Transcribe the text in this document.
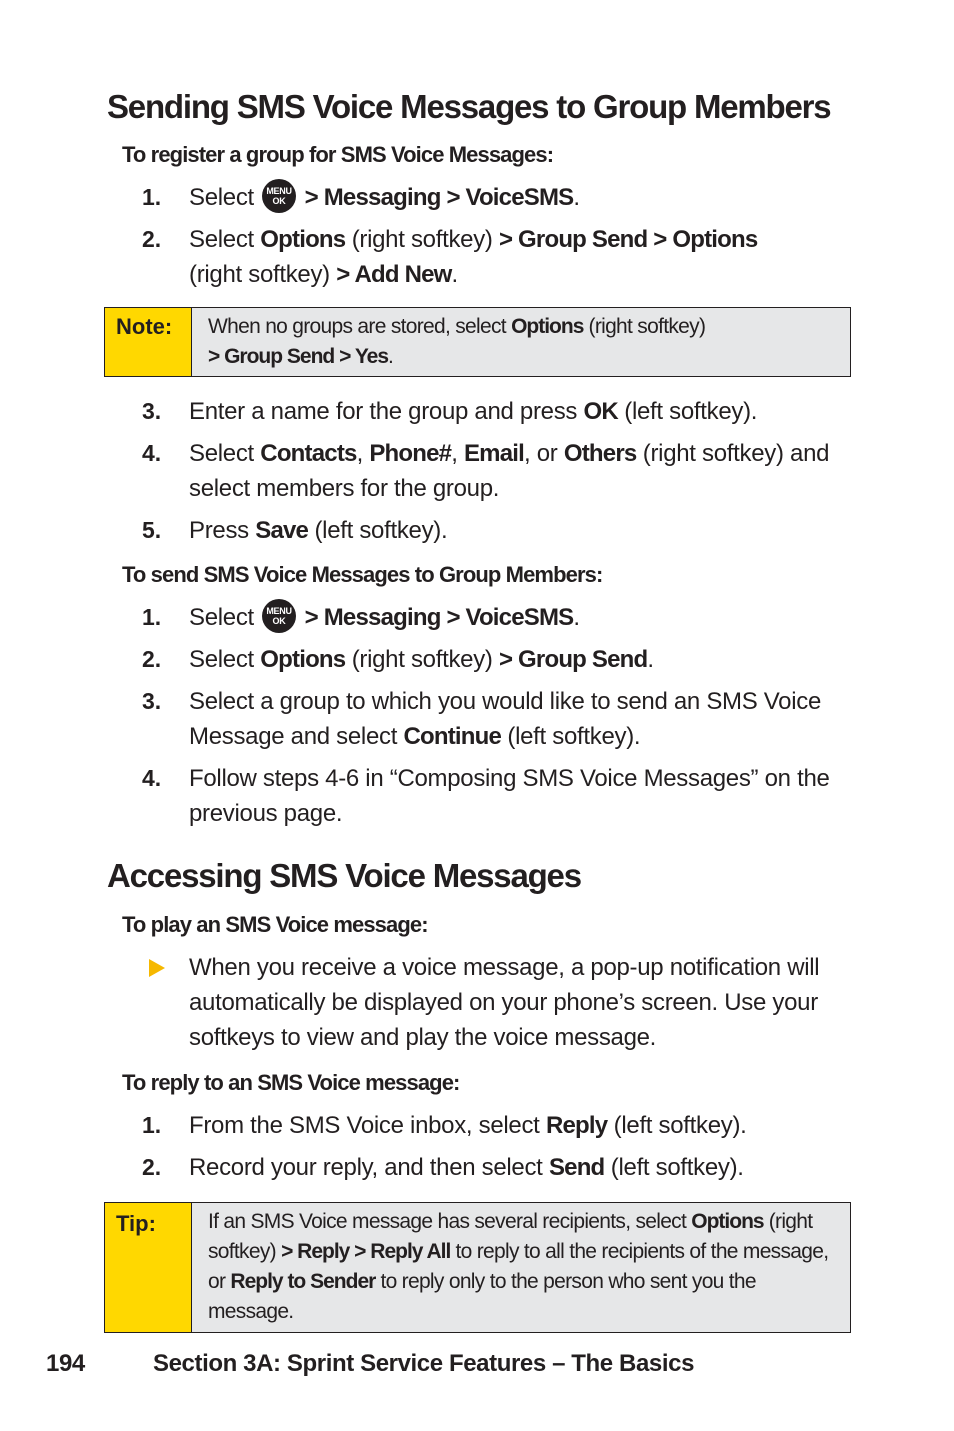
Sending SMS Voice Messages to Group Members
To register a group for SMS Voice Messages:
1. Select MENU
OK > Messaging > VoiceSMS.
2. Select Options (right softkey) > Group Send > Options
(right softkey) > Add New.
Note: When no groups are stored, select Options (right softkey)
> Group Send > Yes.
3. Enter a name for the group and press OK (left softkey).
4. Select Contacts, Phone#, Email, or Others (right softkey) and select members for the group.
5. Press Save (left softkey).
To send SMS Voice Messages to Group Members:
1. Select MENU
OK > Messaging > VoiceSMS.
2. Select Options (right softkey) > Group Send.
3. Select a group to which you would like to send an SMS Voice Message and select Continue (left softkey).
4. Follow steps 4-6 in “Composing SMS Voice Messages” on the previous page.
Accessing SMS Voice Messages
To play an SMS Voice message:
When you receive a voice message, a pop-up notification will automatically be displayed on your phone’s screen. Use your softkeys to view and play the voice message.
To reply to an SMS Voice message:
1. From the SMS Voice inbox, select Reply (left softkey).
2. Record your reply, and then select Send (left softkey).
Tip: If an SMS Voice message has several recipients, select Options (right softkey) > Reply > Reply All to reply to all the recipients of the message, or Reply to Sender to reply only to the person who sent you the message.
194	Section 3A: Sprint Service Features – The Basics
